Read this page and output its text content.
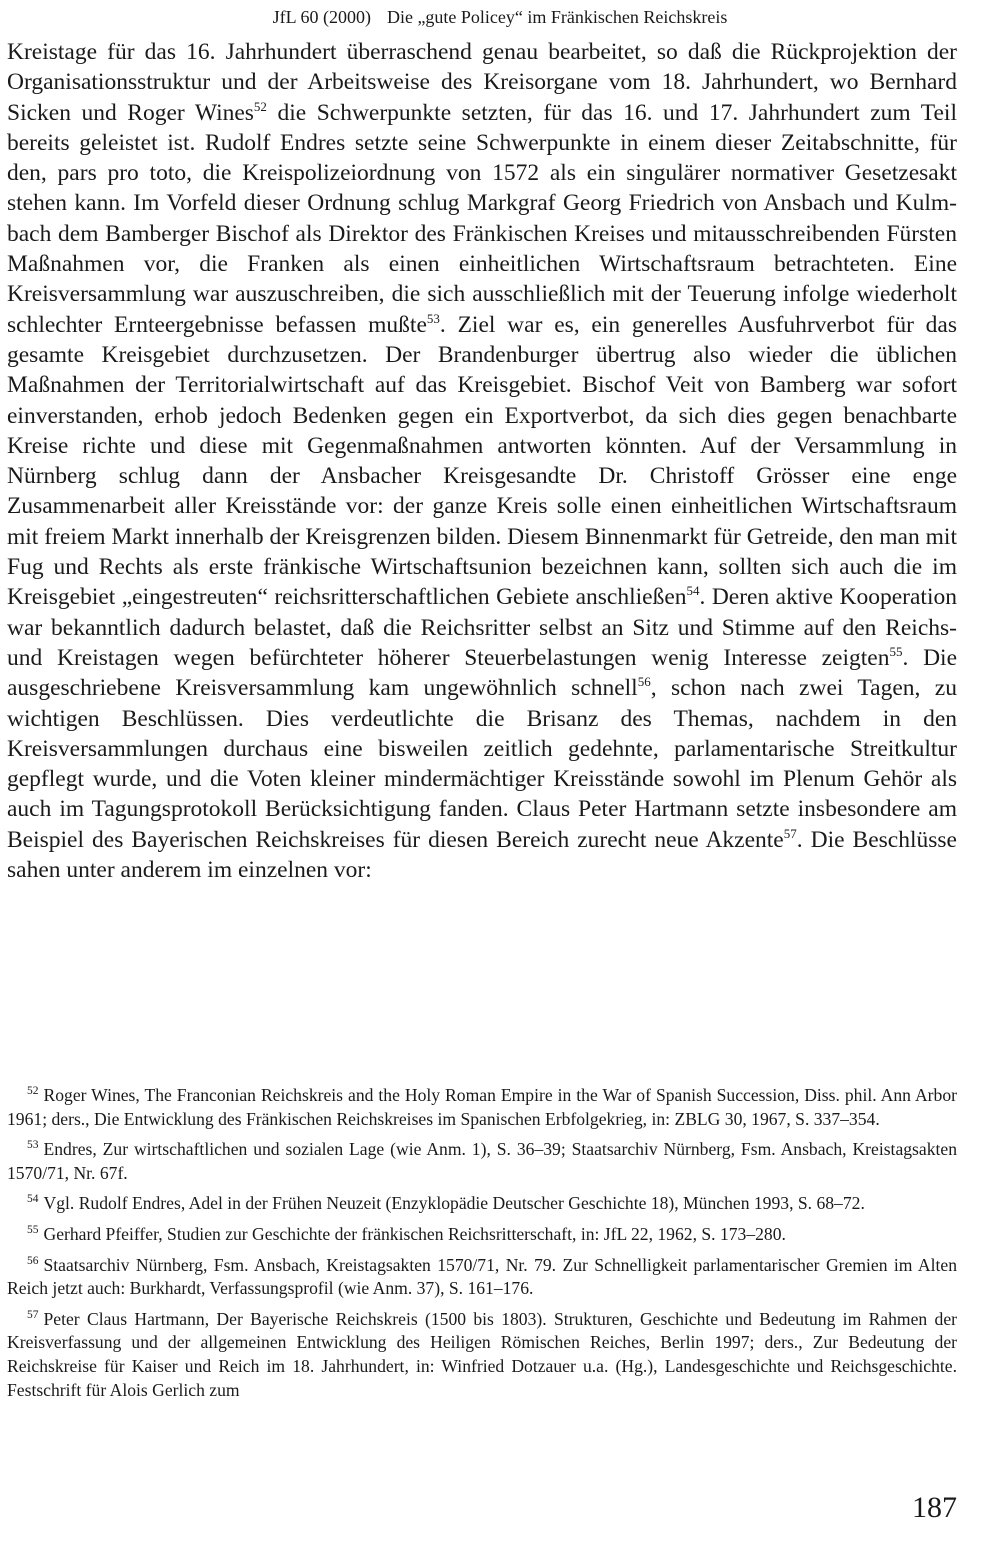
JfL 60 (2000) Die „gute Policey“ im Fränkischen Reichskreis

Kreistage für das 16. Jahrhundert überraschend genau bearbeitet, so daß die Rückprojektion der Organisationsstruktur und der Arbeitsweise des Kreisorgane vom 18. Jahrhundert, wo Bernhard Sicken und Roger Wines$^{52}$ die Schwerpunkte setzten, für das 16. und 17. Jahrhundert zum Teil bereits geleistet ist. Rudolf Endres setzte seine Schwerpunkte in einem dieser Zeitabschnitte, für den, pars pro toto, die Kreispolizeiordnung von 1572 als ein singulärer normativer Gesetzesakt stehen kann. Im Vorfeld dieser Ordnung schlug Markgraf Georg Friedrich von Ansbach und Kulmbach dem Bamberger Bischof als Direktor des Fränkischen Kreises und mitausschreibenden Fürsten Maßnahmen vor, die Franken als einen einheitlichen Wirtschaftsraum betrachteten. Eine Kreisversammlung war auszuschreiben, die sich ausschließlich mit der Teuerung infolge wiederholt schlechter Ernteergebnisse befassen mußte$^{53}$. Ziel war es, ein generelles Ausfuhrverbot für das gesamte Kreisgebiet durchzusetzen. Der Brandenburger übertrug also wieder die üblichen Maßnahmen der Territorialwirtschaft auf das Kreisgebiet. Bischof Veit von Bamberg war sofort einverstanden, erhob jedoch Bedenken gegen ein Exportverbot, da sich dies gegen benachbarte Kreise richte und diese mit Gegenmaßnahmen antworten könnten. Auf der Versammlung in Nürnberg schlug dann der Ansbacher Kreisgesandte Dr. Christoff Grösser eine enge Zusammenarbeit aller Kreisstände vor: der ganze Kreis solle einen einheitlichen Wirtschaftsraum mit freiem Markt innerhalb der Kreisgrenzen bilden. Diesem Binnenmarkt für Getreide, den man mit Fug und Rechts als erste fränkische Wirtschaftsunion bezeichnen kann, sollten sich auch die im Kreisgebiet „eingestreuten“ reichsritterschaftlichen Gebiete anschließen$^{54}$. Deren aktive Kooperation war bekanntlich dadurch belastet, daß die Reichsritter selbst an Sitz und Stimme auf den Reichs- und Kreistagen wegen befürchteter höherer Steuerbelastungen wenig Interesse zeigten$^{55}$. Die ausgeschriebene Kreisversammlung kam ungewöhnlich schnell$^{56}$, schon nach zwei Tagen, zu wichtigen Beschlüssen. Dies verdeutlichte die Brisanz des Themas, nachdem in den Kreisversammlungen durchaus eine bisweilen zeitlich gedehnte, parlamentarische Streitkultur gepflegt wurde, und die Voten kleiner mindermächtiger Kreisstände sowohl im Plenum Gehör als auch im Tagungsprotokoll Berücksichtigung fanden. Claus Peter Hartmann setzte insbesondere am Beispiel des Bayerischen Reichskreises für diesen Bereich zurecht neue Akzente$^{57}$. Die Beschlüsse sahen unter anderem im einzelnen vor:

$^{52}$ Roger Wines, The Franconian Reichskreis and the Holy Roman Empire in the War of Spanish Succession, Diss. phil. Ann Arbor 1961; ders., Die Entwicklung des Fränkischen Reichskreises im Spanischen Erbfolgekrieg, in: ZBLG 30, 1967, S. 337–354.

$^{53}$ Endres, Zur wirtschaftlichen und sozialen Lage (wie Anm. 1), S. 36–39; Staatsarchiv Nürnberg, Fsm. Ansbach, Kreistagsakten 1570/71, Nr. 67f.

$^{54}$ Vgl. Rudolf Endres, Adel in der Frühen Neuzeit (Enzyklopädie Deutscher Geschichte 18), München 1993, S. 68–72.

$^{55}$ Gerhard Pfeiffer, Studien zur Geschichte der fränkischen Reichsritterschaft, in: JfL 22, 1962, S. 173–280.

$^{56}$ Staatsarchiv Nürnberg, Fsm. Ansbach, Kreistagsakten 1570/71, Nr. 79. Zur Schnelligkeit parlamentarischer Gremien im Alten Reich jetzt auch: Burkhardt, Verfassungsprofil (wie Anm. 37), S. 161–176.

$^{57}$ Peter Claus Hartmann, Der Bayerische Reichskreis (1500 bis 1803). Strukturen, Geschichte und Bedeutung im Rahmen der Kreisverfassung und der allgemeinen Entwicklung des Heiligen Römischen Reiches, Berlin 1997; ders., Zur Bedeutung der Reichskreise für Kaiser und Reich im 18. Jahrhundert, in: Winfried Dotzauer u.a. (Hg.), Landesgeschichte und Reichsgeschichte. Festschrift für Alois Gerlich zum

187
